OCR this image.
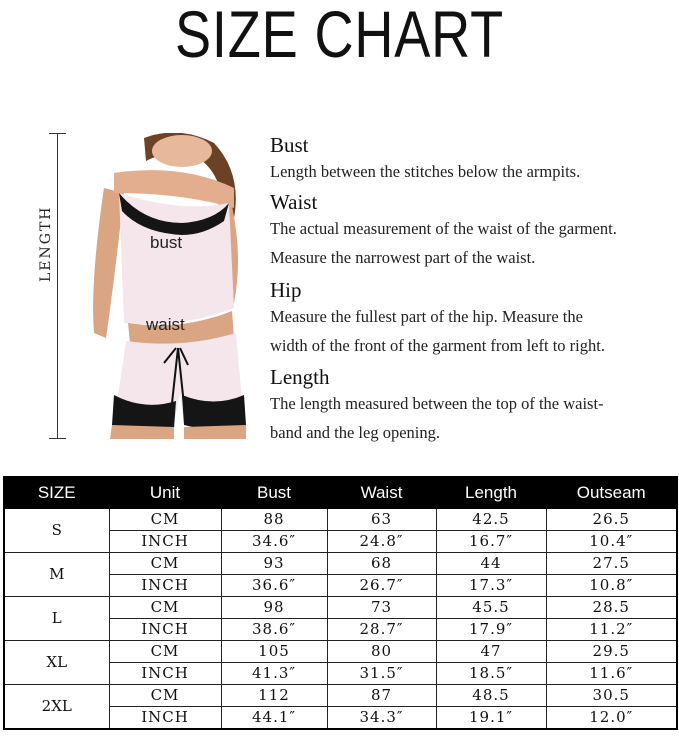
SIZE CHART
LENGTH	bust
waist
Bust
Length between the stitches below the armpits.
Waist
The actual measurement of the waist of the garment.
Measure the narrowest part of the waist.
Hip
Measure the fullest part of the hip. Measure the
width of the front of the garment from left to right.
Length
The length measured between the top of the waist-
band and the leg opening.
SIZE	Unit	Bust	Waist	Length	Outseam
S	CM	88	63	42.5	26.5
	INCH	34.6″	24.8″	16.7″	10.4″
M	CM	93	68	44	27.5
	INCH	36.6″	26.7″	17.3″	10.8″
L	CM	98	73	45.5	28.5
	INCH	38.6″	28.7″	17.9″	11.2″
XL	CM	105	80	47	29.5
	INCH	41.3″	31.5″	18.5″	11.6″
2XL	CM	112	87	48.5	30.5
	INCH	44.1″	34.3″	19.1″	12.0″
